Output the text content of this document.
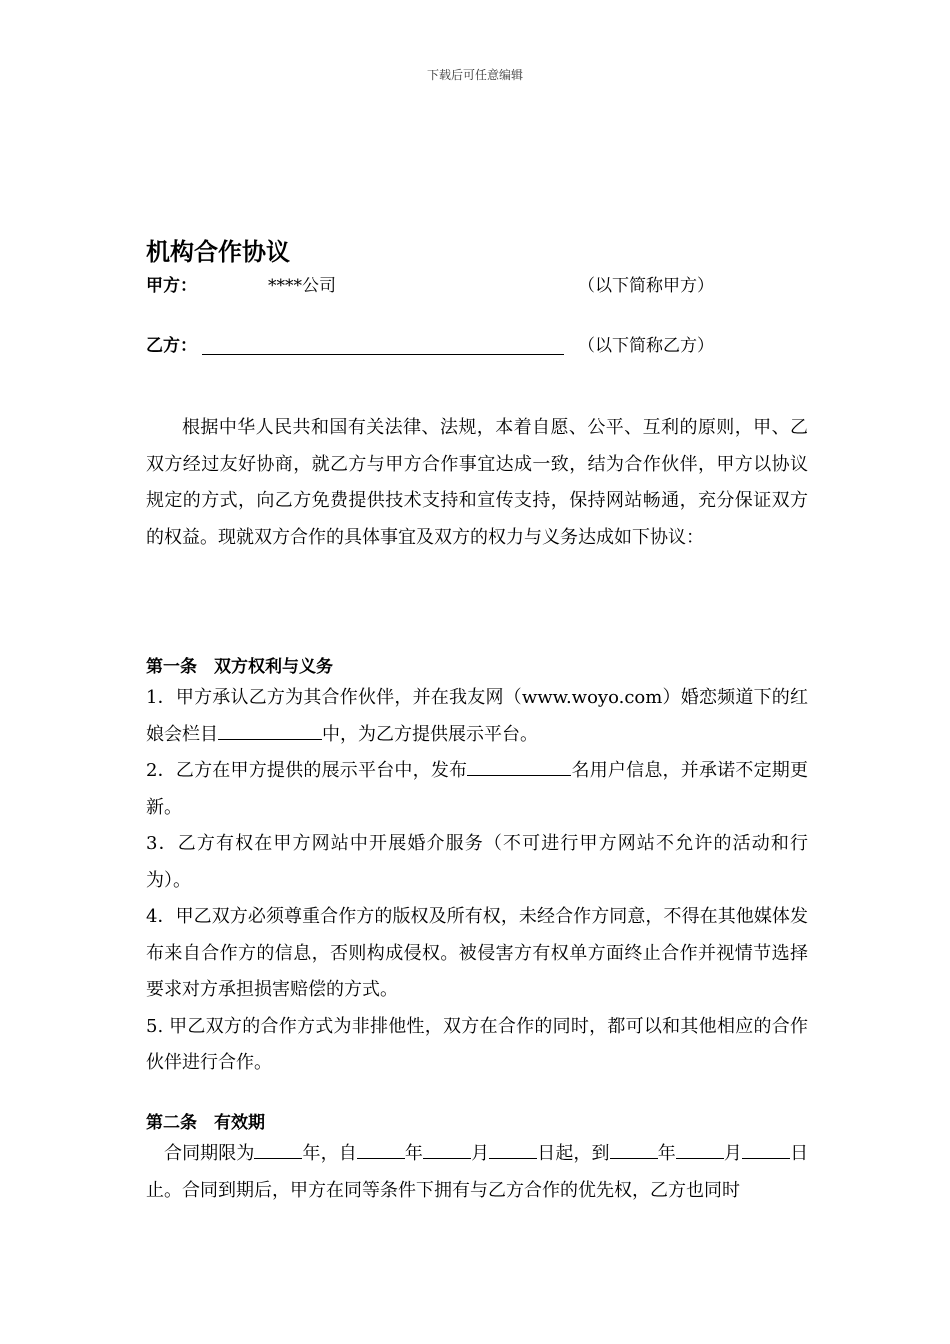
下载后可任意编辑
机构合作协议
甲方：	****公司	（以下简称甲方）
乙方：	（以下简称乙方）

根据中华人民共和国有关法律、法规，本着自愿、公平、互利的原则，甲、乙双方经过友好协商，就乙方与甲方合作事宜达成一致，结为合作伙伴，甲方以协议规定的方式，向乙方免费提供技术支持和宣传支持，保持网站畅通，充分保证双方的权益。现就双方合作的具体事宜及双方的权力与义务达成如下协议：

第一条　双方权利与义务

1．甲方承认乙方为其合作伙伴，并在我友网（www.woyo.com）婚恋频道下的红娘会栏目	中，为乙方提供展示平台。

2．乙方在甲方提供的展示平台中，发布	名用户信息，并承诺不定期更新。

3．乙方有权在甲方网站中开展婚介服务（不可进行甲方网站不允许的活动和行为）。

4．甲乙双方必须尊重合作方的版权及所有权，未经合作方同意，不得在其他媒体发布来自合作方的信息，否则构成侵权。被侵害方有权单方面终止合作并视情节选择要求对方承担损害赔偿的方式。

5. 甲乙双方的合作方式为非排他性，双方在合作的同时，都可以和其他相应的合作伙伴进行合作。

第二条　有效期

合同期限为	年，自	年	月	日起，到	年	月	日止。合同到期后，甲方在同等条件下拥有与乙方合作的优先权，乙方也同时
